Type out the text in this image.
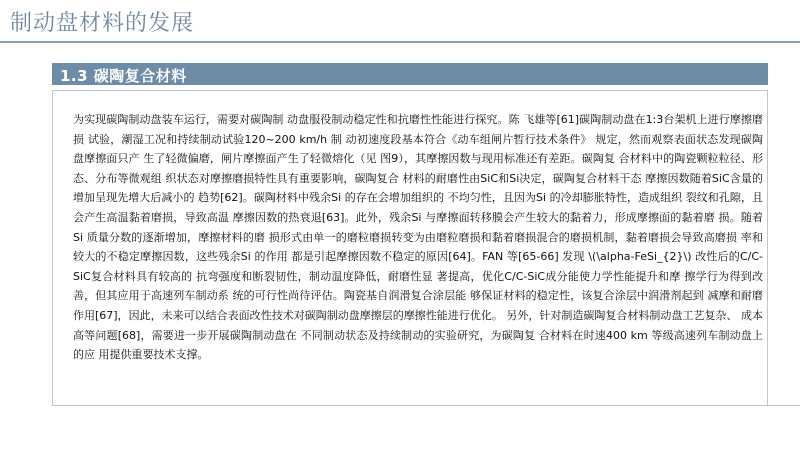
制动盘材料的发展
1.3 碳陶复合材料

为实现碳陶制动盘装车运行，需要对碳陶制 动盘服役制动稳定性和抗磨性性能进行探究。陈 飞雄等[61]碳陶制动盘在1:3台架机上进行摩擦磨损 试验，潮湿工况和持续制动试验120~200 km/h 制 动初速度段基本符合《动车组闸片暂行技术条件》 规定，然而观察表面状态发现碳陶盘摩擦面只产 生了轻微偏磨，闸片摩擦面产生了轻微熔化（见 图9），其摩擦因数与现用标准还有差距。碳陶复 合材料中的陶瓷颗粒粒径、形态、分布等微观组 织状态对摩擦磨损特性具有重要影响，碳陶复合 材料的耐磨性由SiC和Si决定，碳陶复合材料干态 摩擦因数随着SiC含量的增加呈现先增大后减小的 趋势[62]。碳陶材料中残余Si 的存在会增加组织的 不均匀性，且因为Si 的冷却膨胀特性，造成组织 裂纹和孔隙，且会产生高温黏着磨损，导致高温 摩擦因数的热衰退[63]。此外，残余Si 与摩擦面转移膜会产生较大的黏着力，形成摩擦面的黏着磨 损。随着Si 质量分数的逐渐增加，摩擦材料的磨 损形式由单一的磨粒磨损转变为由磨粒磨损和黏着磨损混合的磨损机制，黏着磨损会导致高磨损 率和较大的不稳定摩擦因数，这些残余Si 的作用 都是引起摩擦因数不稳定的原因[64]。FAN 等[65-66] 发现 \(\alpha-FeSi_{2}\) 改性后的C/C-SiC复合材料具有较高的 抗弯强度和断裂韧性，制动温度降低，耐磨性显 著提高，优化C/C-SiC成分能使力学性能提升和摩 擦学行为得到改善，但其应用于高速列车制动系 统的可行性尚待评估。陶瓷基自润滑复合涂层能 够保证材料的稳定性，该复合涂层中润滑剂起到 减摩和耐磨作用[67]，因此，未来可以结合表面改性技术对碳陶制动盘摩擦层的摩擦性能进行优化。 另外，针对制造碳陶复合材料制动盘工艺复杂、 成本高等问题[68]，需要进一步开展碳陶制动盘在 不同制动状态及持续制动的实验研究，为碳陶复 合材料在时速400 km 等级高速列车制动盘上的应 用提供重要技术支撑。
